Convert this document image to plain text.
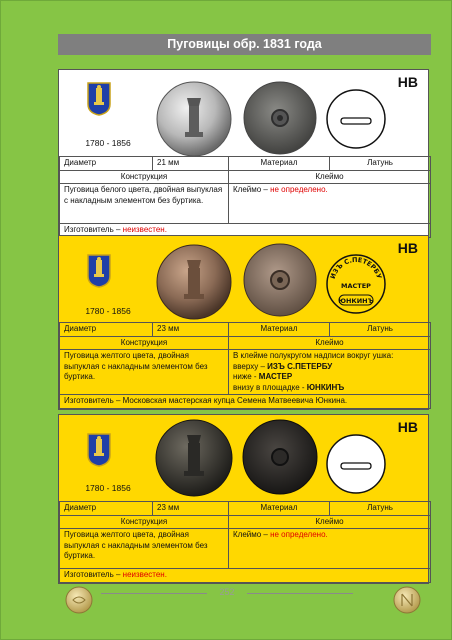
Пуговицы обр. 1831 года
1780 - 1856
НВ
Диаметр	21 мм	Материал	Латунь
Конструкция		Клеймо	
Пуговица белого цвета, двойная выпуклая с накладным элементом без буртика.		Клеймо – не определено.	
Изготовитель – неизвестен.			
1780 - 1856
ИЗЪ С.ПЕТЕРБУ
МАСТЕР
ЮНКИНЪ
НВ
Диаметр	23 мм	Материал	Латунь
Конструкция		Клеймо	
Пуговица желтого цвета, двойная выпуклая с накладным элементом без буртика.		В клейме полукругом надписи вокруг ушка:
вверху – ИЗЪ С.ПЕТЕРБУ
ниже - МАСТЕР
внизу в площадке - ЮНКИНЪ	

Изготовитель – Московская мастерская купца Семена Матвеевича Юнкина.			
1780 - 1856
НВ
Диаметр	23 мм	Материал	Латунь
Конструкция		Клеймо	
Пуговица желтого цвета, двойная выпуклая с накладным элементом без буртика.		Клеймо – не определено.	
Изготовитель – неизвестен.			
252
